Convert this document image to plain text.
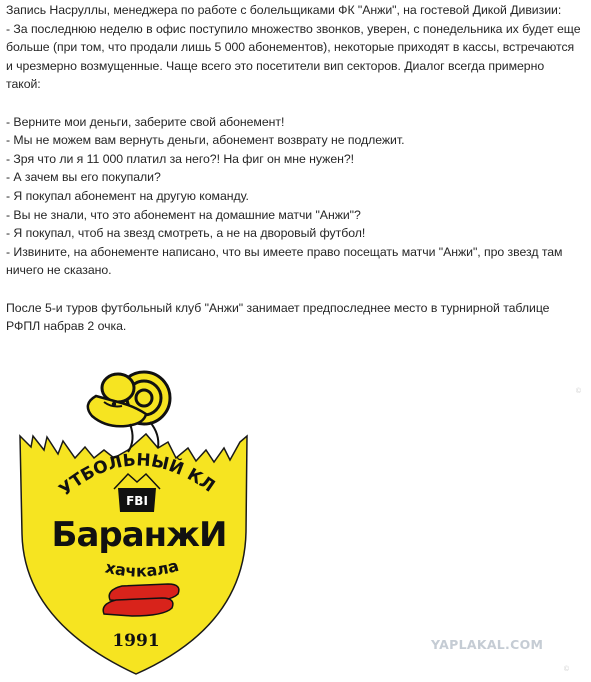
Запись Насруллы, менеджера по работе с болельщиками ФК "Анжи", на гостевой Дикой Дивизии:
- За последнюю неделю в офис поступило множество звонков, уверен, с понедельника их будет еще
больше (при том, что продали лишь 5 000 абонементов), некоторые приходят в кассы, встречаются
и чрезмерно возмущенные. Чаще всего это посетители вип секторов. Диалог всегда примерно
такой:
- Верните мои деньги, заберите свой абонемент!
- Мы не можем вам вернуть деньги, абонемент возврату не подлежит.
- Зря что ли я 11 000 платил за него?! На фиг он мне нужен?!
- А зачем вы его покупали?
- Я покупал абонемент на другую команду.
- Вы не знали, что это абонемент на домашние матчи "Анжи"?
- Я покупал, чтоб на звезд смотреть, а не на дворовый футбол!
- Извините, на абонементе написано, что вы имеете право посещать матчи "Анжи", про звезд там
ничего не сказано.
После 5-и туров футбольный клуб "Анжи" занимает предпоследнее место в турнирной таблице
РФПЛ набрав 2 очка.
УТБОЛЬНЫЙ КЛ
FBI
БаранжИ
хачкала
1991	YAPLAKAL.COM
©
©
